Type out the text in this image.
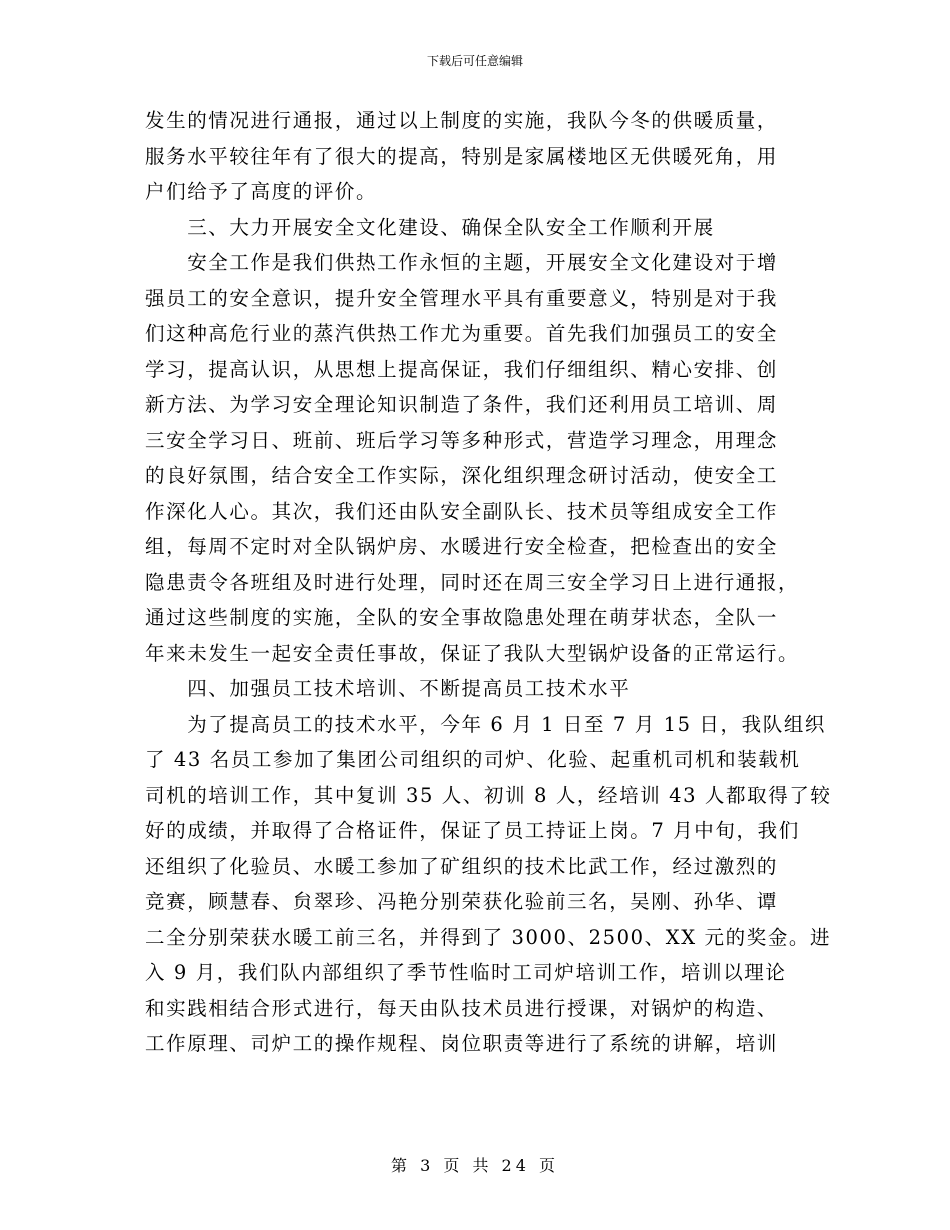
下载后可任意编辑
发生的情况进行通报，通过以上制度的实施，我队今冬的供暖质量，
服务水平较往年有了很大的提高，特别是家属楼地区无供暖死角，用
户们给予了高度的评价。
　　三、大力开展安全文化建设、确保全队安全工作顺利开展
　　安全工作是我们供热工作永恒的主题，开展安全文化建设对于增
强员工的安全意识，提升安全管理水平具有重要意义，特别是对于我
们这种高危行业的蒸汽供热工作尤为重要。首先我们加强员工的安全
学习，提高认识，从思想上提高保证，我们仔细组织、精心安排、创
新方法、为学习安全理论知识制造了条件，我们还利用员工培训、周
三安全学习日、班前、班后学习等多种形式，营造学习理念，用理念
的良好氛围，结合安全工作实际，深化组织理念研讨活动，使安全工
作深化人心。其次，我们还由队安全副队长、技术员等组成安全工作
组，每周不定时对全队锅炉房、水暖进行安全检查，把检查出的安全
隐患责令各班组及时进行处理，同时还在周三安全学习日上进行通报，
通过这些制度的实施，全队的安全事故隐患处理在萌芽状态，全队一
年来未发生一起安全责任事故，保证了我队大型锅炉设备的正常运行。
　　四、加强员工技术培训、不断提高员工技术水平
　　为了提高员工的技术水平，今年 6 月 1 日至 7 月 15 日，我队组织
了 43 名员工参加了集团公司组织的司炉、化验、起重机司机和装载机
司机的培训工作，其中复训 35 人、初训 8 人，经培训 43 人都取得了较
好的成绩，并取得了合格证件，保证了员工持证上岗。7 月中旬，我们
还组织了化验员、水暖工参加了矿组织的技术比武工作，经过激烈的
竞赛，顾慧春、贠翠珍、冯艳分别荣获化验前三名，吴刚、孙华、谭
二全分别荣获水暖工前三名，并得到了 3000、2500、XX 元的奖金。进
入 9 月，我们队内部组织了季节性临时工司炉培训工作，培训以理论
和实践相结合形式进行，每天由队技术员进行授课，对锅炉的构造、
工作原理、司炉工的操作规程、岗位职责等进行了系统的讲解，培训
第 3 页 共 24 页
